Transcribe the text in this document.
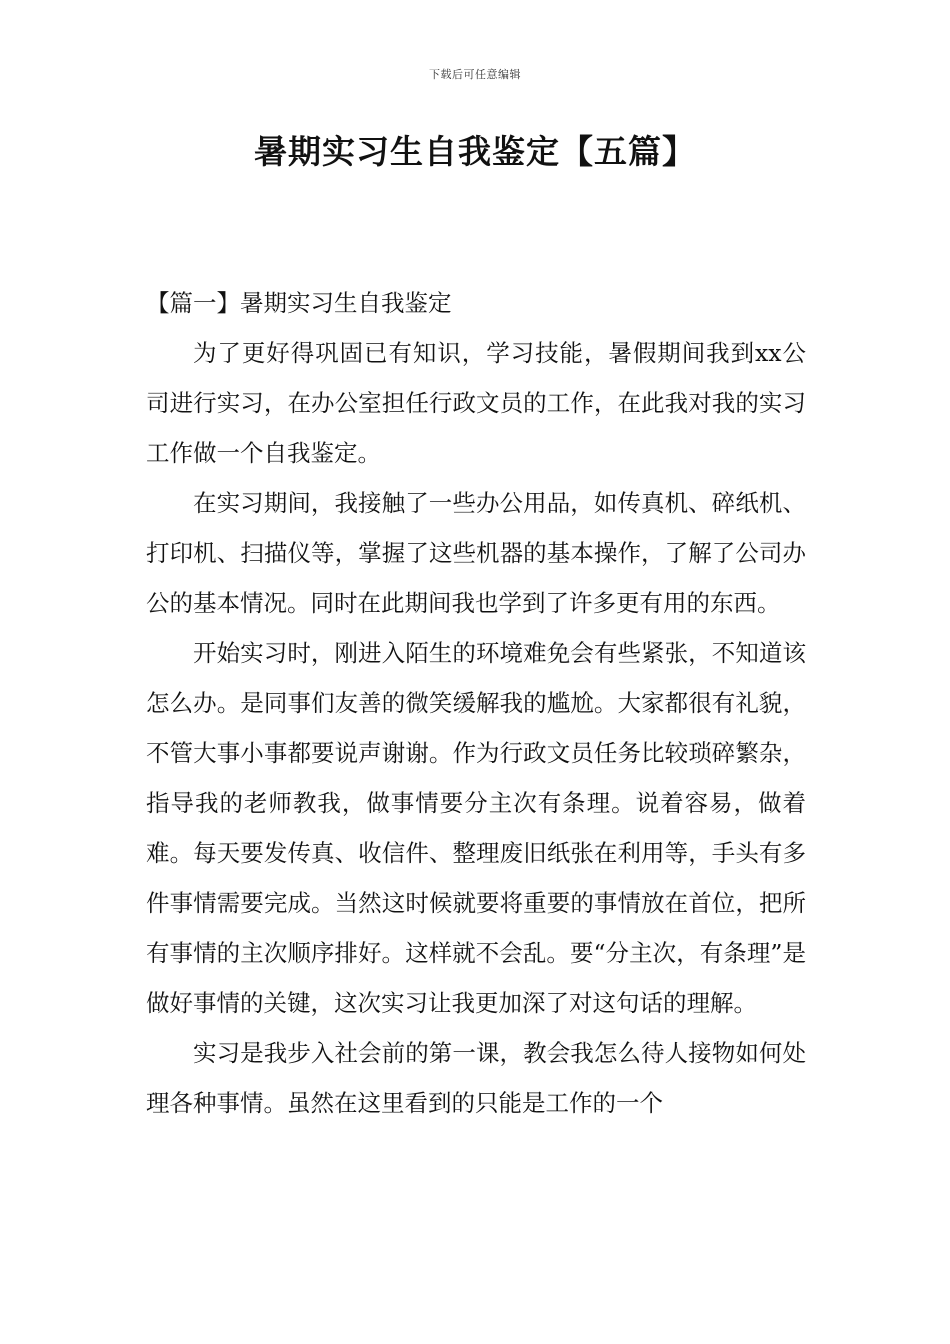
下载后可任意编辑
暑期实习生自我鉴定【五篇】
【篇一】暑期实习生自我鉴定

为了更好得巩固已有知识，学习技能，暑假期间我到xx公司进行实习，在办公室担任行政文员的工作，在此我对我的实习工作做一个自我鉴定。

在实习期间，我接触了一些办公用品，如传真机、碎纸机、打印机、扫描仪等，掌握了这些机器的基本操作，了解了公司办公的基本情况。同时在此期间我也学到了许多更有用的东西。

开始实习时，刚进入陌生的环境难免会有些紧张，不知道该怎么办。是同事们友善的微笑缓解我的尴尬。大家都很有礼貌，不管大事小事都要说声谢谢。作为行政文员任务比较琐碎繁杂，指导我的老师教我，做事情要分主次有条理。说着容易，做着难。每天要发传真、收信件、整理废旧纸张在利用等，手头有多件事情需要完成。当然这时候就要将重要的事情放在首位，把所有事情的主次顺序排好。这样就不会乱。要“分主次，有条理”是做好事情的关键，这次实习让我更加深了对这句话的理解。

实习是我步入社会前的第一课，教会我怎么待人接物如何处理各种事情。虽然在这里看到的只能是工作的一个
